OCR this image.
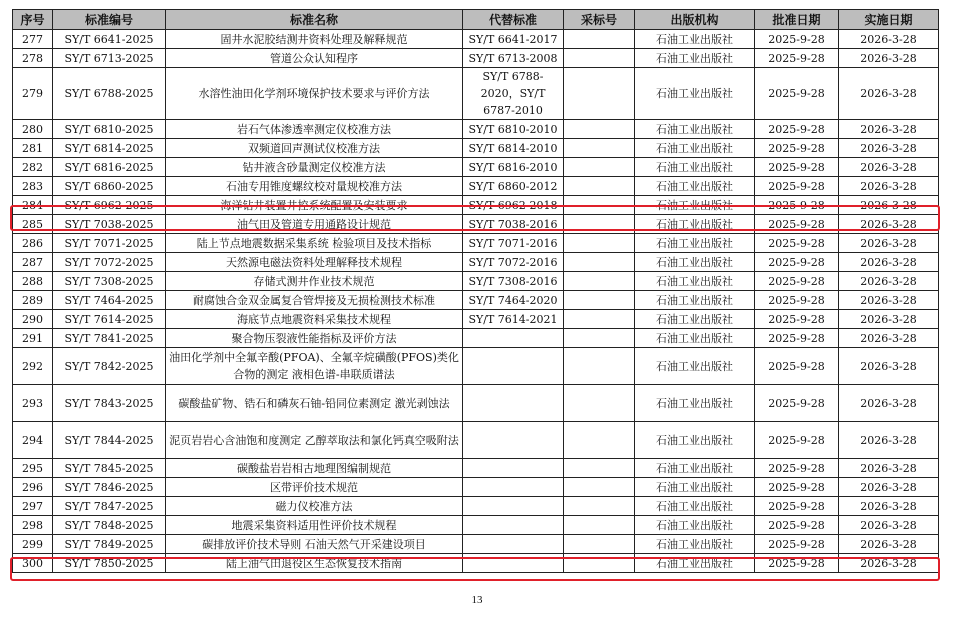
序号	标准编号	标准名称	代替标准	采标号	出版机构	批准日期	实施日期
277	SY/T 6641-2025	固井水泥胶结测井资料处理及解释规范	SY/T 6641-2017		石油工业出版社	2025-9-28	2026-3-28
278	SY/T 6713-2025	管道公众认知程序	SY/T 6713-2008		石油工业出版社	2025-9-28	2026-3-28
279	SY/T 6788-2025	水溶性油田化学剂环境保护技术要求与评价方法	SY/T 6788-2020，SY/T 6787-2010		石油工业出版社	2025-9-28	2026-3-28
280	SY/T 6810-2025	岩石气体渗透率测定仪校准方法	SY/T 6810-2010		石油工业出版社	2025-9-28	2026-3-28
281	SY/T 6814-2025	双频道回声测试仪校准方法	SY/T 6814-2010		石油工业出版社	2025-9-28	2026-3-28
282	SY/T 6816-2025	钻井液含砂量测定仪校准方法	SY/T 6816-2010		石油工业出版社	2025-9-28	2026-3-28
283	SY/T 6860-2025	石油专用锥度螺纹校对量规校准方法	SY/T 6860-2012		石油工业出版社	2025-9-28	2026-3-28
284	SY/T 6962-2025	海洋钻井装置井控系统配置及安装要求	SY/T 6962-2018		石油工业出版社	2025-9-28	2026-3-28
285	SY/T 7038-2025	油气田及管道专用通路设计规范	SY/T 7038-2016		石油工业出版社	2025-9-28	2026-3-28
286	SY/T 7071-2025	陆上节点地震数据采集系统 检验项目及技术指标	SY/T 7071-2016		石油工业出版社	2025-9-28	2026-3-28
287	SY/T 7072-2025	天然源电磁法资料处理解释技术规程	SY/T 7072-2016		石油工业出版社	2025-9-28	2026-3-28
288	SY/T 7308-2025	存储式测井作业技术规范	SY/T 7308-2016		石油工业出版社	2025-9-28	2026-3-28
289	SY/T 7464-2025	耐腐蚀合金双金属复合管焊接及无损检测技术标准	SY/T 7464-2020		石油工业出版社	2025-9-28	2026-3-28
290	SY/T 7614-2025	海底节点地震资料采集技术规程	SY/T 7614-2021		石油工业出版社	2025-9-28	2026-3-28
291	SY/T 7841-2025	聚合物压裂液性能指标及评价方法			石油工业出版社	2025-9-28	2026-3-28
292	SY/T 7842-2025	油田化学剂中全氟辛酸(PFOA)、全氟辛烷磺酸(PFOS)类化合物的测定 液相色谱-串联质谱法			石油工业出版社	2025-9-28	2026-3-28
293	SY/T 7843-2025	碳酸盐矿物、锆石和磷灰石铀-铅同位素测定 激光剥蚀法			石油工业出版社	2025-9-28	2026-3-28
294	SY/T 7844-2025	泥页岩岩心含油饱和度测定 乙醇萃取法和氯化钙真空吸附法			石油工业出版社	2025-9-28	2026-3-28
295	SY/T 7845-2025	碳酸盐岩岩相古地理图编制规范			石油工业出版社	2025-9-28	2026-3-28
296	SY/T 7846-2025	区带评价技术规范			石油工业出版社	2025-9-28	2026-3-28
297	SY/T 7847-2025	磁力仪校准方法			石油工业出版社	2025-9-28	2026-3-28
298	SY/T 7848-2025	地震采集资料适用性评价技术规程			石油工业出版社	2025-9-28	2026-3-28
299	SY/T 7849-2025	碳排放评价技术导则 石油天然气开采建设项目			石油工业出版社	2025-9-28	2026-3-28
300	SY/T 7850-2025	陆上油气田退役区生态恢复技术指南			石油工业出版社	2025-9-28	2026-3-28
13
